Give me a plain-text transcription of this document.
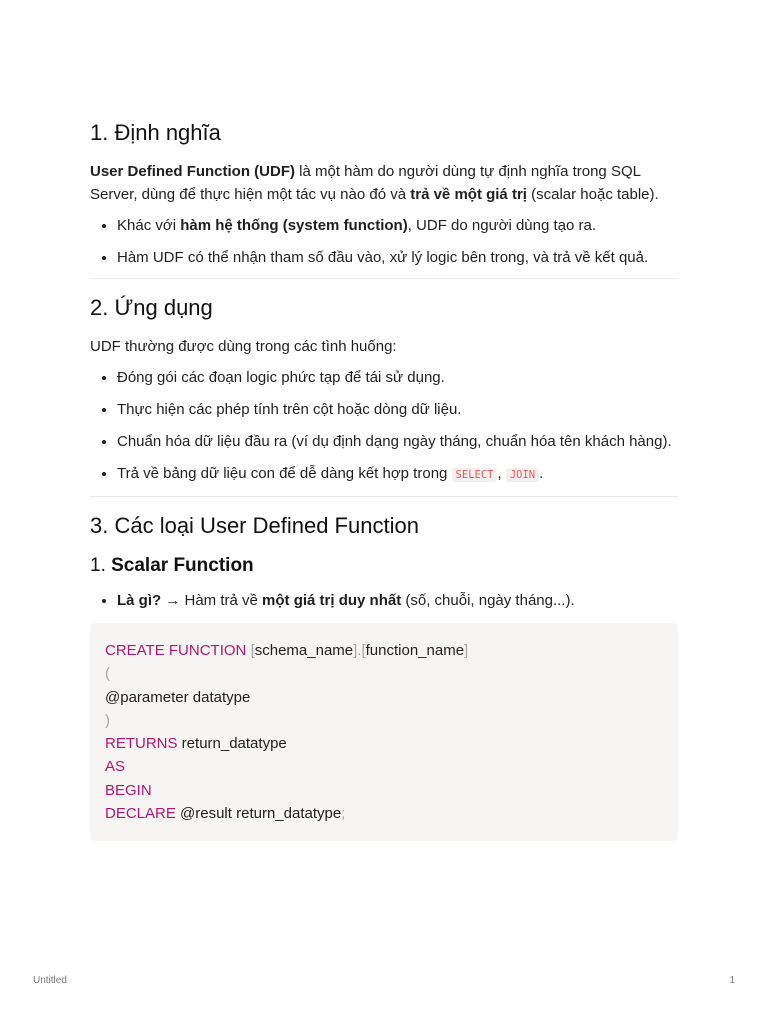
1. Định nghĩa

User Defined Function (UDF) là một hàm do người dùng tự định nghĩa trong SQL Server, dùng để thực hiện một tác vụ nào đó và trả về một giá trị (scalar hoặc table).

• Khác với hàm hệ thống (system function), UDF do người dùng tạo ra.
• Hàm UDF có thể nhận tham số đầu vào, xử lý logic bên trong, và trả về kết quả.
2. Ứng dụng

UDF thường được dùng trong các tình huống:

• Đóng gói các đoạn logic phức tạp để tái sử dụng.
• Thực hiện các phép tính trên cột hoặc dòng dữ liệu.
• Chuẩn hóa dữ liệu đầu ra (ví dụ định dạng ngày tháng, chuẩn hóa tên khách hàng).
• Trả về bảng dữ liệu con để dễ dàng kết hợp trong SELECT , JOIN .
3. Các loại User Defined Function
1. Scalar Function
• Là gì? → Hàm trả về một giá trị duy nhất (số, chuỗi, ngày tháng...).
CREATE FUNCTION [schema_name].[function_name]
(
@parameter datatype
)
RETURNS return_datatype
AS
BEGIN
DECLARE @result return_datatype;
Untitled	1
